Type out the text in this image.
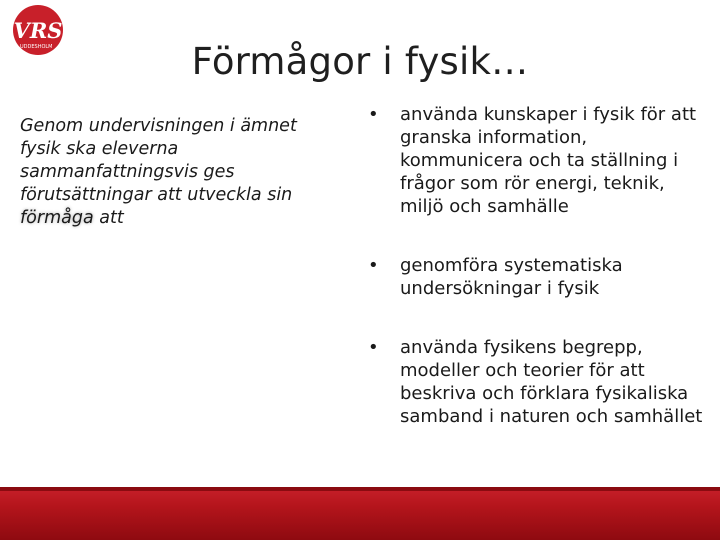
VRS
UDDESHOLM	Förmågor i fysik…
Genom undervisningen i ämnet fysik ska eleverna sammanfattningsvis ges förutsättningar att utveckla sin förmåga att
• använda kunskaper i fysik för att granska information, kommunicera och ta ställning i frågor som rör energi, teknik, miljö och samhälle
• genomföra systematiska undersökningar i fysik
• använda fysikens begrepp, modeller och teorier för att beskriva och förklara fysikaliska samband i naturen och samhället
